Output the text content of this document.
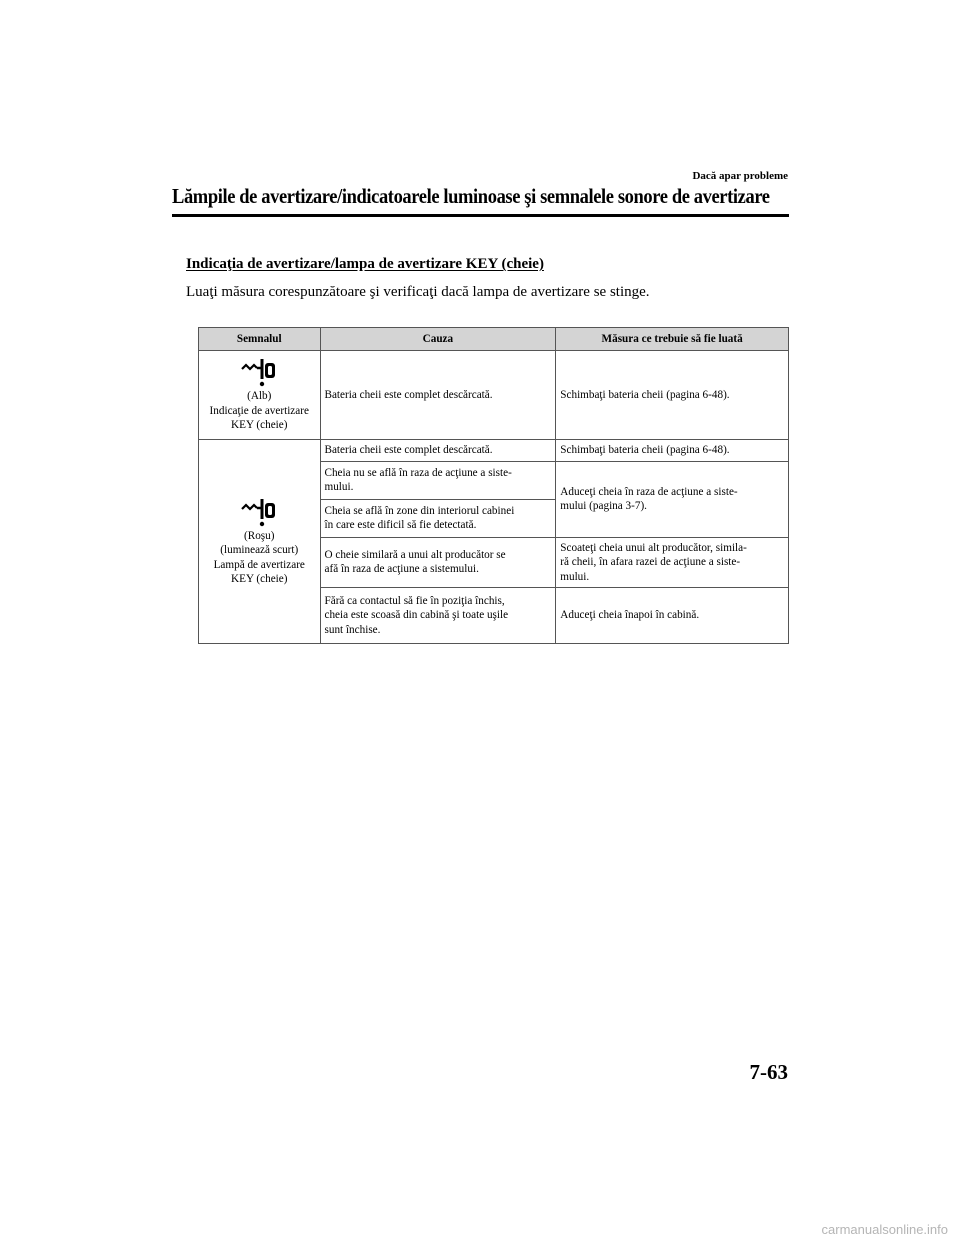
Dacă apar probleme
Lămpile de avertizare/indicatoarele luminoase şi semnalele sonore de avertizare
Indicaţia de avertizare/lampa de avertizare KEY (cheie)
Luaţi măsura corespunzătoare şi verificaţi dacă lampa de avertizare se stinge.
Semnalul	Cauza	Măsura ce trebuie să fie luată

(Alb)
Indicaţie de avertizare
KEY (cheie)	Bateria cheii este complet descărcată.	Schimbaţi bateria cheii (pagina 6-48).

(Roşu)
(luminează scurt)
Lampă de avertizare
KEY (cheie)	Bateria cheii este complet descărcată.	Schimbaţi bateria cheii (pagina 6-48).
	Cheia nu se află în raza de acţiune a siste-
mului.	Aduceţi cheia în raza de acţiune a siste-
mului (pagina 3-7).
	Cheia se află în zone din interiorul cabinei
în care este dificil să fie detectată.	
	O cheie similară a unui alt producător se
afă în raza de acţiune a sistemului.	Scoateţi cheia unui alt producător, simila-
ră cheii, în afara razei de acţiune a siste-
mului.
	Fără ca contactul să fie în poziţia închis,
cheia este scoasă din cabină şi toate uşile
sunt închise.	Aduceţi cheia înapoi în cabină.
7-63
carmanualsonline.info
